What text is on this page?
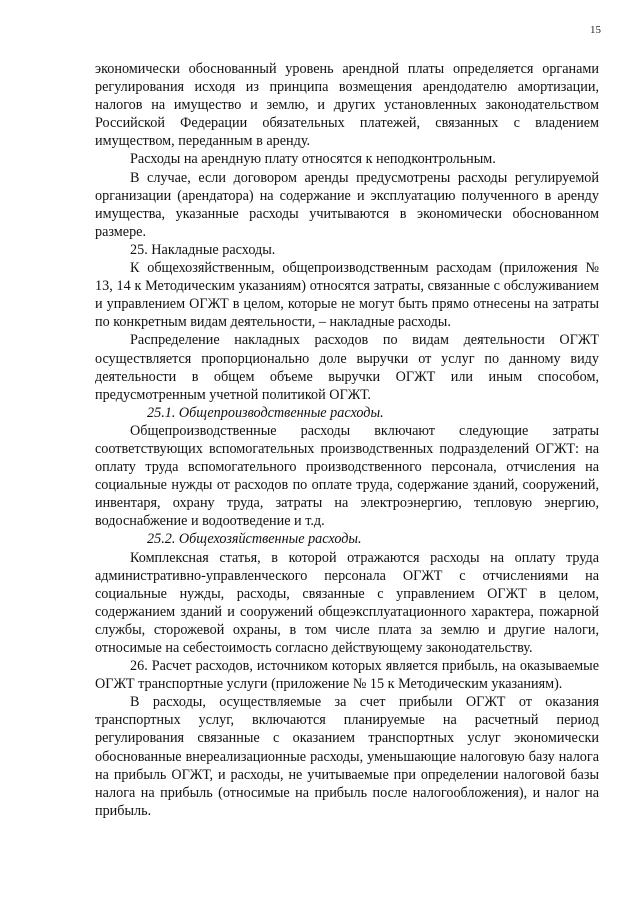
15

экономически обоснованный уровень арендной платы определяется органами регулирования исходя из принципа возмещения арендодателю амортизации, налогов на имущество и землю, и других установленных законодательством Российской Федерации обязательных платежей, связанных с владением имуществом, переданным в аренду.

Расходы на арендную плату относятся к неподконтрольным.

В случае, если договором аренды предусмотрены расходы регулируемой организации (арендатора) на содержание и эксплуатацию полученного в аренду имущества, указанные расходы учитываются в экономически обоснованном размере.

25. Накладные расходы.

К общехозяйственным, общепроизводственным расходам (приложения № 13, 14 к Методическим указаниям) относятся затраты, связанные с обслуживанием и управлением ОГЖТ в целом, которые не могут быть прямо отнесены на затраты по конкретным видам деятельности, – накладные расходы.

Распределение накладных расходов по видам деятельности ОГЖТ осуществляется пропорционально доле выручки от услуг по данному виду деятельности в общем объеме выручки ОГЖТ или иным способом, предусмотренным учетной политикой ОГЖТ.

25.1. Общепроизводственные расходы.

Общепроизводственные расходы включают следующие затраты соответствующих вспомогательных производственных подразделений ОГЖТ: на оплату труда вспомогательного производственного персонала, отчисления на социальные нужды от расходов по оплате труда, содержание зданий, сооружений, инвентаря, охрану труда, затраты на электроэнергию, тепловую энергию, водоснабжение и водоотведение и т.д.

25.2. Общехозяйственные расходы.

Комплексная статья, в которой отражаются расходы на оплату труда административно-управленческого персонала ОГЖТ с отчислениями на социальные нужды, расходы, связанные с управлением ОГЖТ в целом, содержанием зданий и сооружений общеэксплуатационного характера, пожарной службы, сторожевой охраны, в том числе плата за землю и другие налоги, относимые на себестоимость согласно действующему законодательству.

26. Расчет расходов, источником которых является прибыль, на оказываемые ОГЖТ транспортные услуги (приложение № 15 к Методическим указаниям).

В расходы, осуществляемые за счет прибыли ОГЖТ от оказания транспортных услуг, включаются планируемые на расчетный период регулирования связанные с оказанием транспортных услуг экономически обоснованные внереализационные расходы, уменьшающие налоговую базу налога на прибыль ОГЖТ, и расходы, не учитываемые при определении налоговой базы налога на прибыль (относимые на прибыль после налогообложения), и налог на прибыль.
